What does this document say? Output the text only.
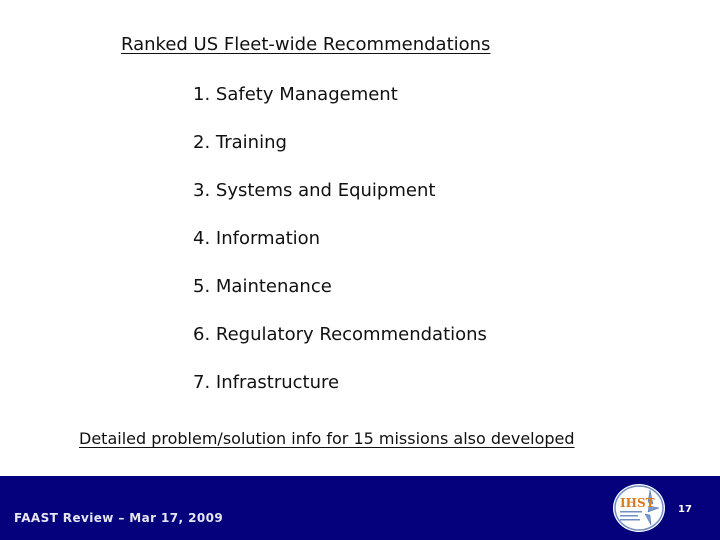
Ranked US Fleet-wide Recommendations
1. Safety Management
2. Training
3. Systems and Equipment
4. Information
5. Maintenance
6. Regulatory Recommendations
7. Infrastructure
Detailed problem/solution info for 15 missions also developed
FAAST Review – Mar 17, 2009
IHST 17
